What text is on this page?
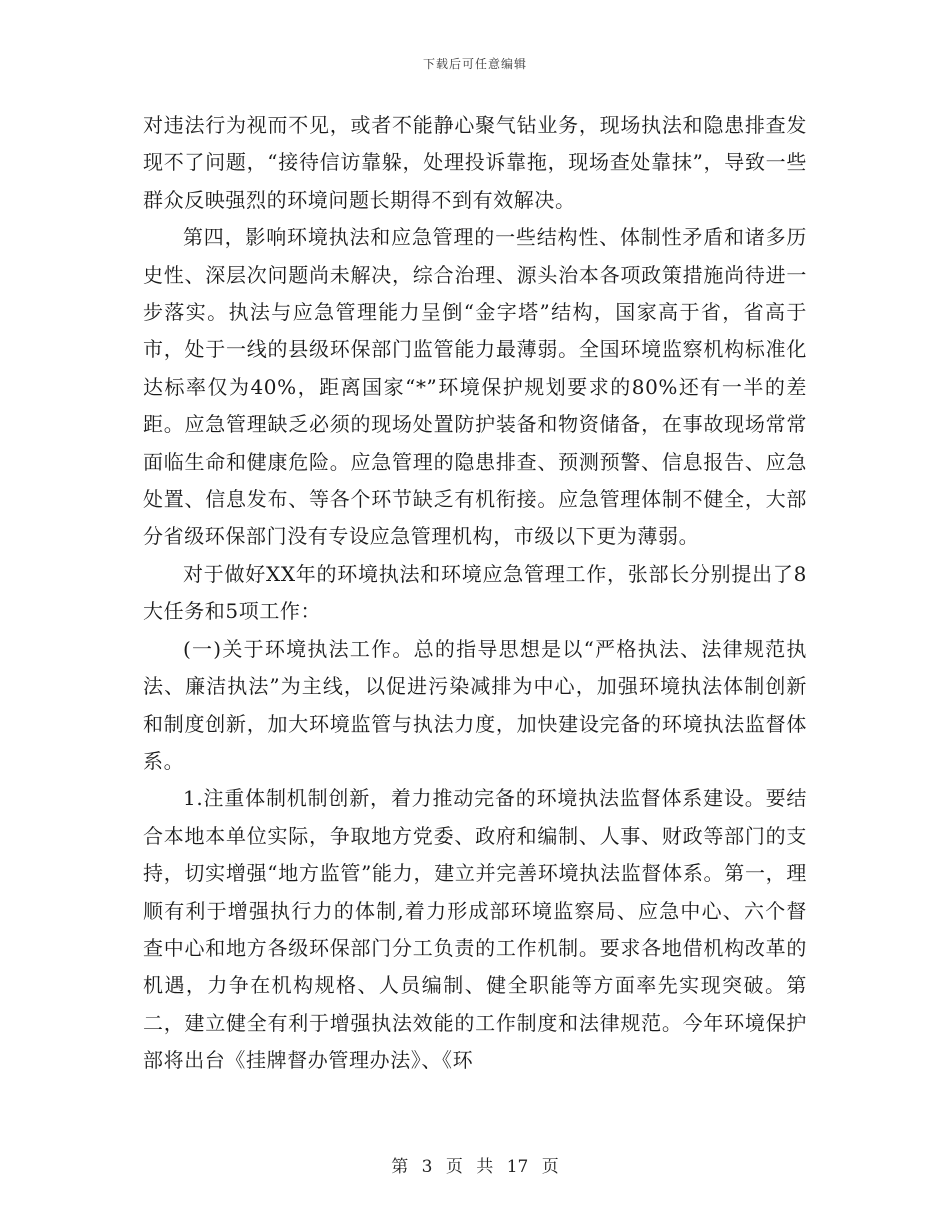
下载后可任意编辑

对违法行为视而不见，或者不能静心聚气钻业务，现场执法和隐患排查发现不了问题，“接待信访靠躲，处理投诉靠拖，现场查处靠抹”，导致一些群众反映强烈的环境问题长期得不到有效解决。

第四，影响环境执法和应急管理的一些结构性、体制性矛盾和诸多历史性、深层次问题尚未解决，综合治理、源头治本各项政策措施尚待进一步落实。执法与应急管理能力呈倒“金字塔”结构，国家高于省，省高于市，处于一线的县级环保部门监管能力最薄弱。全国环境监察机构标准化达标率仅为40%，距离国家“*”环境保护规划要求的80%还有一半的差距。应急管理缺乏必须的现场处置防护装备和物资储备，在事故现场常常面临生命和健康危险。应急管理的隐患排查、预测预警、信息报告、应急处置、信息发布、等各个环节缺乏有机衔接。应急管理体制不健全，大部分省级环保部门没有专设应急管理机构，市级以下更为薄弱。

对于做好XX年的环境执法和环境应急管理工作，张部长分别提出了8大任务和5项工作：

(一)关于环境执法工作。总的指导思想是以“严格执法、法律规范执法、廉洁执法”为主线，以促进污染减排为中心，加强环境执法体制创新和制度创新，加大环境监管与执法力度，加快建设完备的环境执法监督体系。

1.注重体制机制创新，着力推动完备的环境执法监督体系建设。要结合本地本单位实际，争取地方党委、政府和编制、人事、财政等部门的支持，切实增强“地方监管”能力，建立并完善环境执法监督体系。第一，理顺有利于增强执行力的体制,着力形成部环境监察局、应急中心、六个督查中心和地方各级环保部门分工负责的工作机制。要求各地借机构改革的机遇，力争在机构规格、人员编制、健全职能等方面率先实现突破。第二，建立健全有利于增强执法效能的工作制度和法律规范。今年环境保护部将出台《挂牌督办管理办法》、《环

第 3 页 共 17 页
